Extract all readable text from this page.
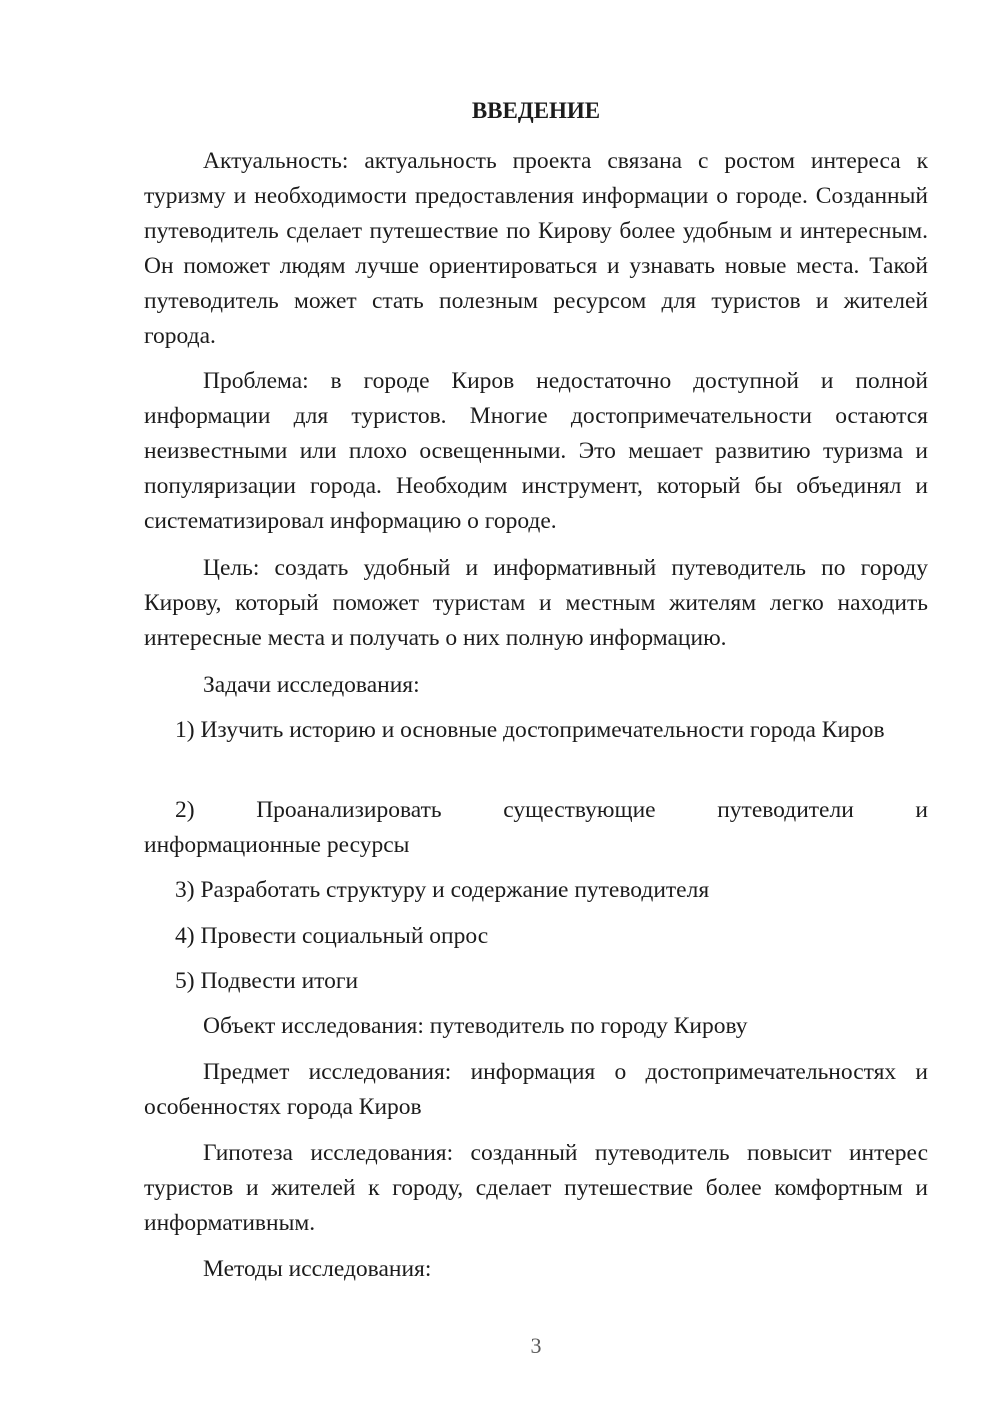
ВВЕДЕНИЕ

Актуальность: актуальность проекта связана с ростом интереса к туризму и необходимости предоставления информации о городе. Созданный путеводитель сделает путешествие по Кирову более удобным и интересным. Он поможет людям лучше ориентироваться и узнавать новые места. Такой путеводитель может стать полезным ресурсом для туристов и жителей города.

Проблема: в городе Киров недостаточно доступной и полной информации для туристов. Многие достопримечательности остаются неизвестными или плохо освещенными. Это мешает развитию туризма и популяризации города. Необходим инструмент, который бы объединял и систематизировал информацию о городе.

Цель: создать удобный и информативный путеводитель по городу Кирову, который поможет туристам и местным жителям легко находить интересные места и получать о них полную информацию.

Задачи исследования:

1) Изучить историю и основные достопримечательности города Киров

2) Проанализировать существующие путеводители и

информационные ресурсы

3) Разработать структуру и содержание путеводителя

4) Провести социальный опрос

5) Подвести итоги

Объект исследования: путеводитель по городу Кирову

Предмет исследования: информация о достопримечательностях и особенностях города Киров

Гипотеза исследования: созданный путеводитель повысит интерес туристов и жителей к городу, сделает путешествие более комфортным и информативным.

Методы исследования:

3
